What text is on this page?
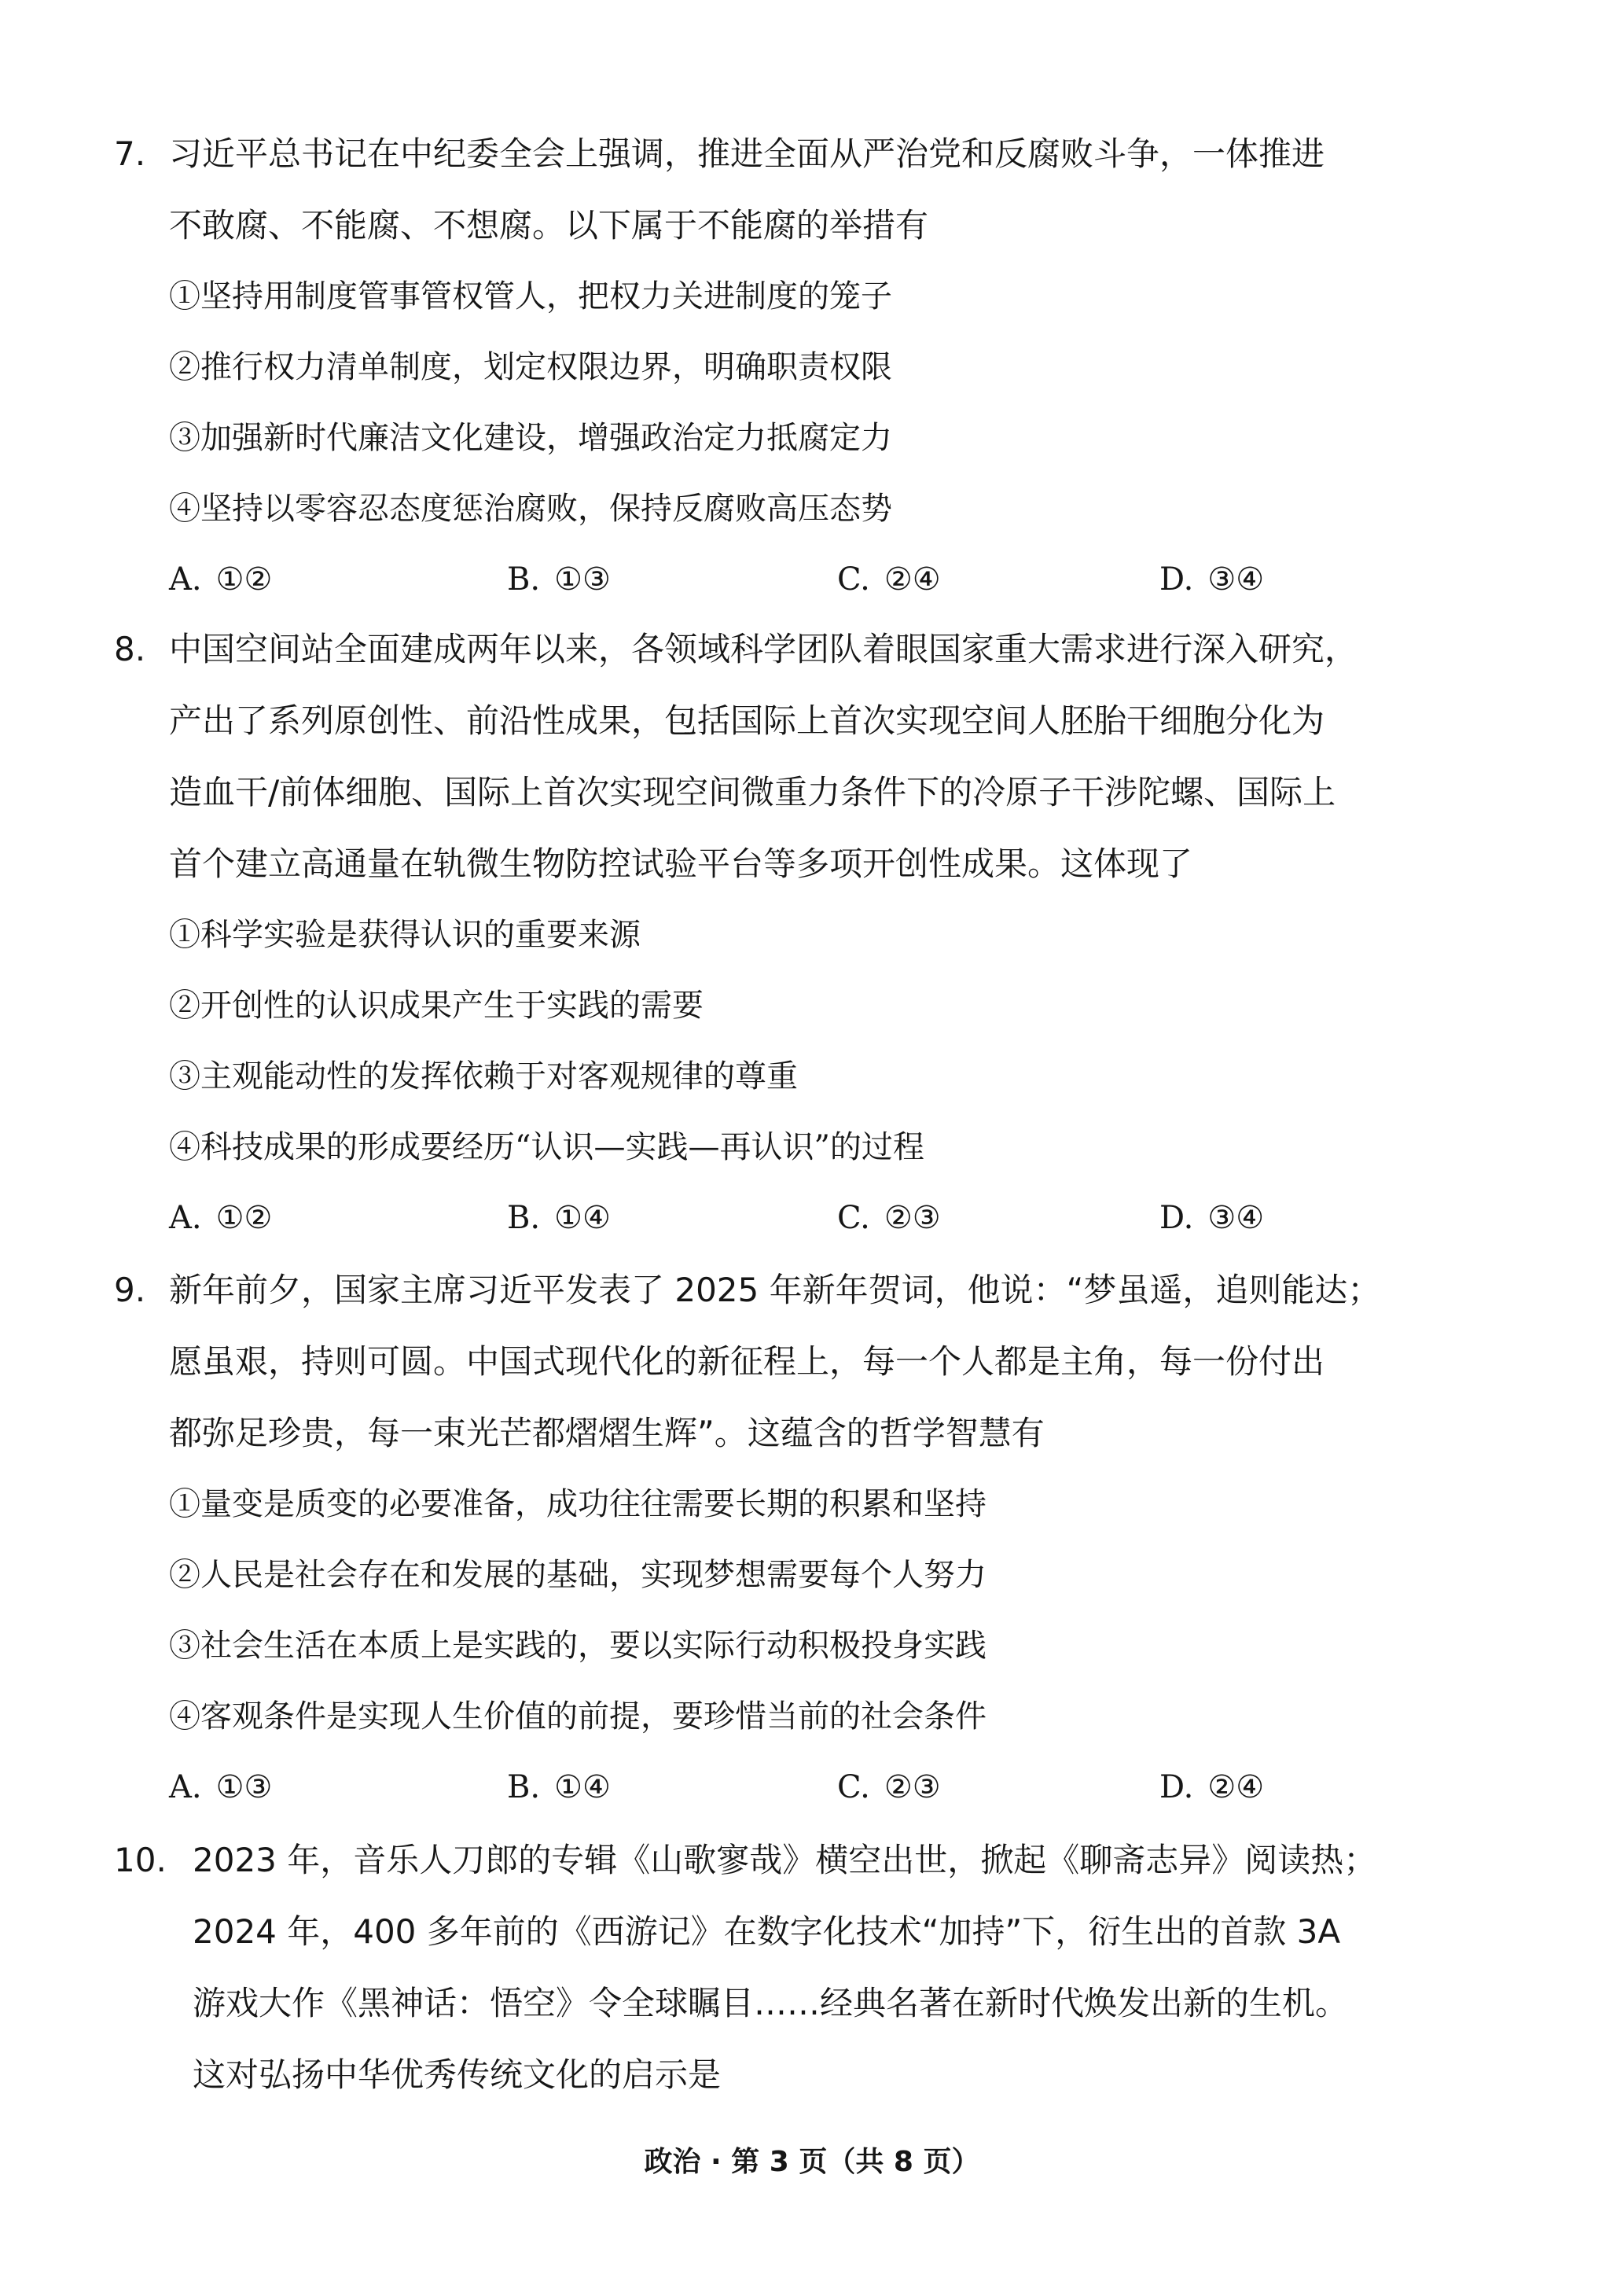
7. 习近平总书记在中纪委全会上强调，推进全面从严治党和反腐败斗争，一体推进
不敢腐、不能腐、不想腐。以下属于不能腐的举措有
①坚持用制度管事管权管人，把权力关进制度的笼子
②推行权力清单制度，划定权限边界，明确职责权限
③加强新时代廉洁文化建设，增强政治定力抵腐定力
④坚持以零容忍态度惩治腐败，保持反腐败高压态势
A. ①②	B. ①③	C. ②④	D. ③④
8. 中国空间站全面建成两年以来，各领域科学团队着眼国家重大需求进行深入研究，
产出了系列原创性、前沿性成果，包括国际上首次实现空间人胚胎干细胞分化为
造血干/前体细胞、国际上首次实现空间微重力条件下的冷原子干涉陀螺、国际上
首个建立高通量在轨微生物防控试验平台等多项开创性成果。这体现了
①科学实验是获得认识的重要来源
②开创性的认识成果产生于实践的需要
③主观能动性的发挥依赖于对客观规律的尊重
④科技成果的形成要经历“认识—实践—再认识”的过程
A. ①②	B. ①④	C. ②③	D. ③④
9. 新年前夕，国家主席习近平发表了 2025 年新年贺词，他说：“梦虽遥，追则能达；
愿虽艰，持则可圆。中国式现代化的新征程上，每一个人都是主角，每一份付出
都弥足珍贵，每一束光芒都熠熠生辉”。这蕴含的哲学智慧有
①量变是质变的必要准备，成功往往需要长期的积累和坚持
②人民是社会存在和发展的基础，实现梦想需要每个人努力
③社会生活在本质上是实践的，要以实际行动积极投身实践
④客观条件是实现人生价值的前提，要珍惜当前的社会条件
A. ①③	B. ①④	C. ②③	D. ②④
10. 2023 年，音乐人刀郎的专辑《山歌寥哉》横空出世，掀起《聊斋志异》阅读热；
2024 年，400 多年前的《西游记》在数字化技术“加持”下，衍生出的首款 3A
游戏大作《黑神话：悟空》令全球瞩目……经典名著在新时代焕发出新的生机。
这对弘扬中华优秀传统文化的启示是
政治 · 第 3 页（共 8 页）
